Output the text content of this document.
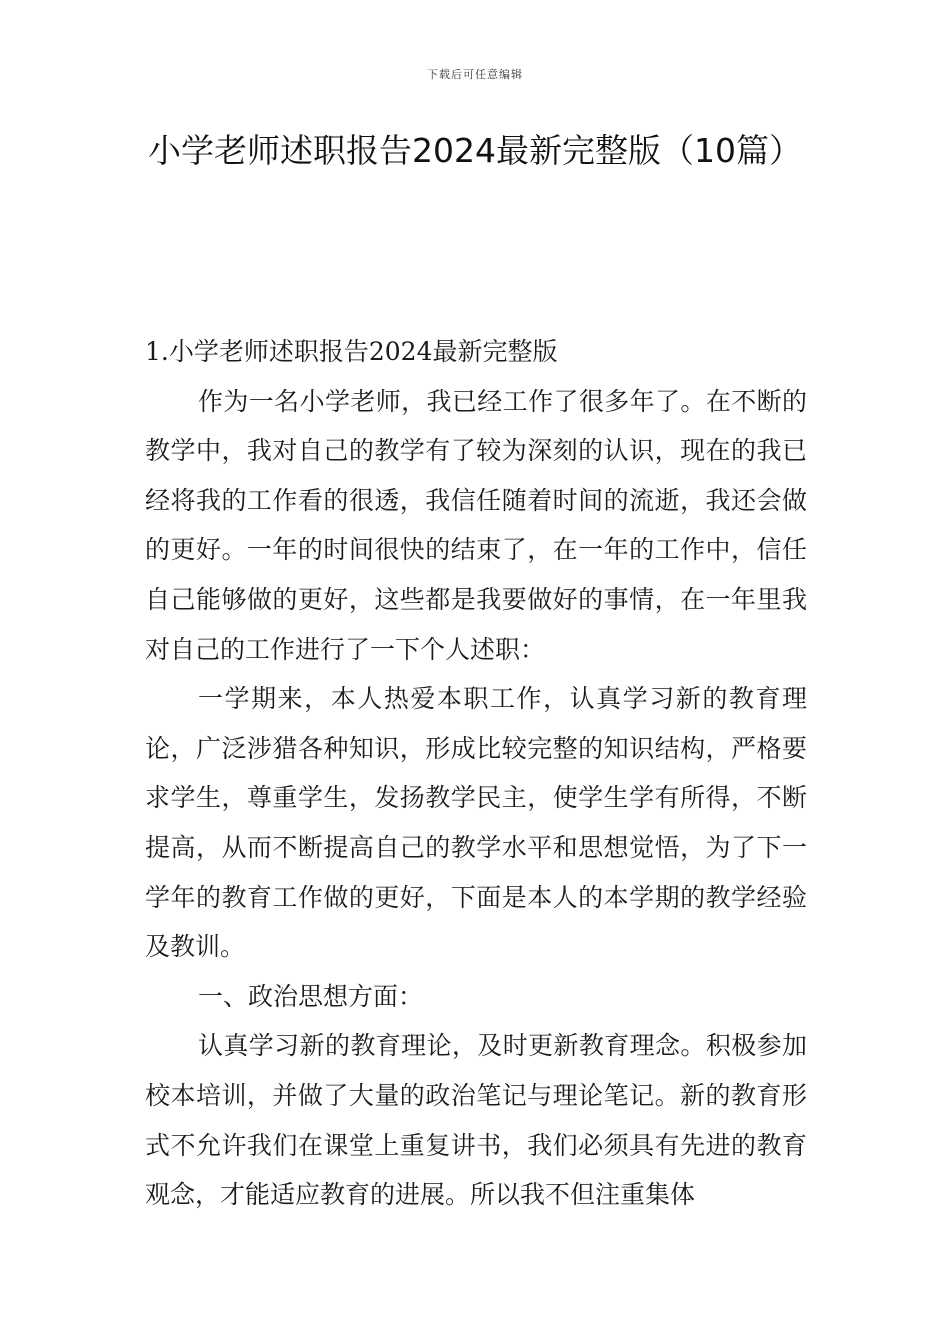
下载后可任意编辑
小学老师述职报告2024最新完整版（10篇）

1.小学老师述职报告2024最新完整版

作为一名小学老师，我已经工作了很多年了。在不断的教学中，我对自己的教学有了较为深刻的认识，现在的我已经将我的工作看的很透，我信任随着时间的流逝，我还会做的更好。一年的时间很快的结束了，在一年的工作中，信任自己能够做的更好，这些都是我要做好的事情，在一年里我对自己的工作进行了一下个人述职：

一学期来，本人热爱本职工作，认真学习新的教育理论，广泛涉猎各种知识，形成比较完整的知识结构，严格要求学生，尊重学生，发扬教学民主，使学生学有所得，不断提高，从而不断提高自己的教学水平和思想觉悟，为了下一学年的教育工作做的更好，下面是本人的本学期的教学经验及教训。

一、政治思想方面：

认真学习新的教育理论，及时更新教育理念。积极参加校本培训，并做了大量的政治笔记与理论笔记。新的教育形式不允许我们在课堂上重复讲书，我们必须具有先进的教育观念，才能适应教育的进展。所以我不但注重集体
